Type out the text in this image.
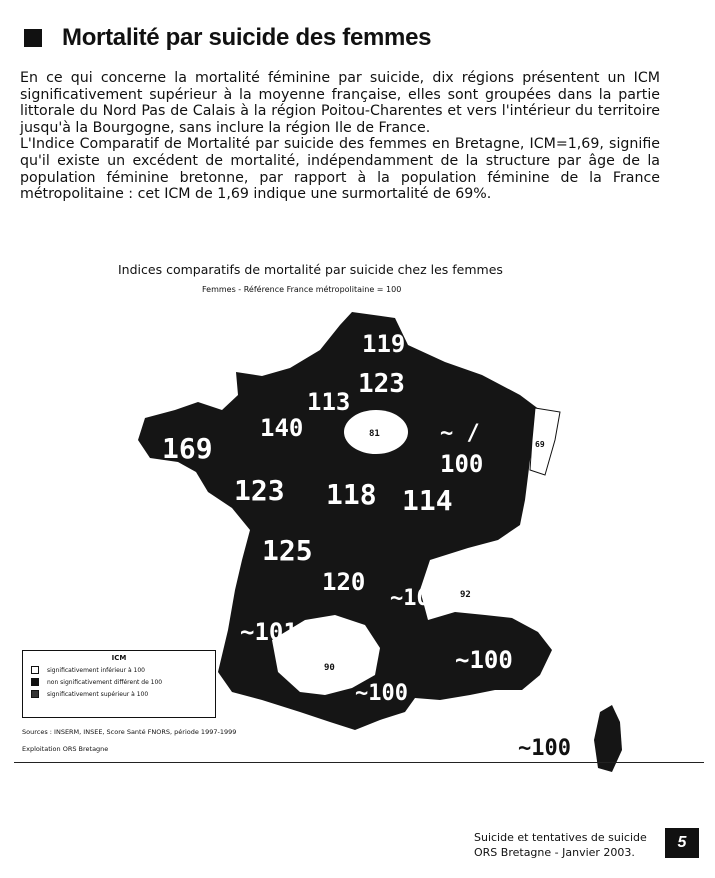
Mortalité par suicide des femmes

En ce qui concerne la mortalité féminine par suicide, dix régions présentent un ICM significativement supérieur à la moyenne française, elles sont groupées dans la partie littorale du Nord Pas de Calais à la région Poitou-Charentes et vers l'intérieur du territoire jusqu'à la Bourgogne, sans inclure la région Ile de France.

L'Indice Comparatif de Mortalité par suicide des femmes en Bretagne, ICM=1,69, signifie qu'il existe un excédent de mortalité, indépendamment de la structure par âge de la population féminine bretonne, par rapport à la population féminine de la France métropolitaine : cet ICM de 1,69 indique une surmortalité de 69%.

Indices comparatifs de mortalité par suicide chez les femmes
Femmes - Référence France métropolitaine = 100
81
92
90
69
119
123
113
140
169	~ /
100
123 118 114
125
120
~100
~101
~100
~100
~100
ICM
significativement inférieur à 100
non significativement différent de 100
significativement supérieur à 100
Sources : INSERM, INSEE, Score Santé FNORS, période 1997-1999
Exploitation ORS Bretagne
Suicide et tentatives de suicide
ORS Bretagne - Janvier 2003.
5
